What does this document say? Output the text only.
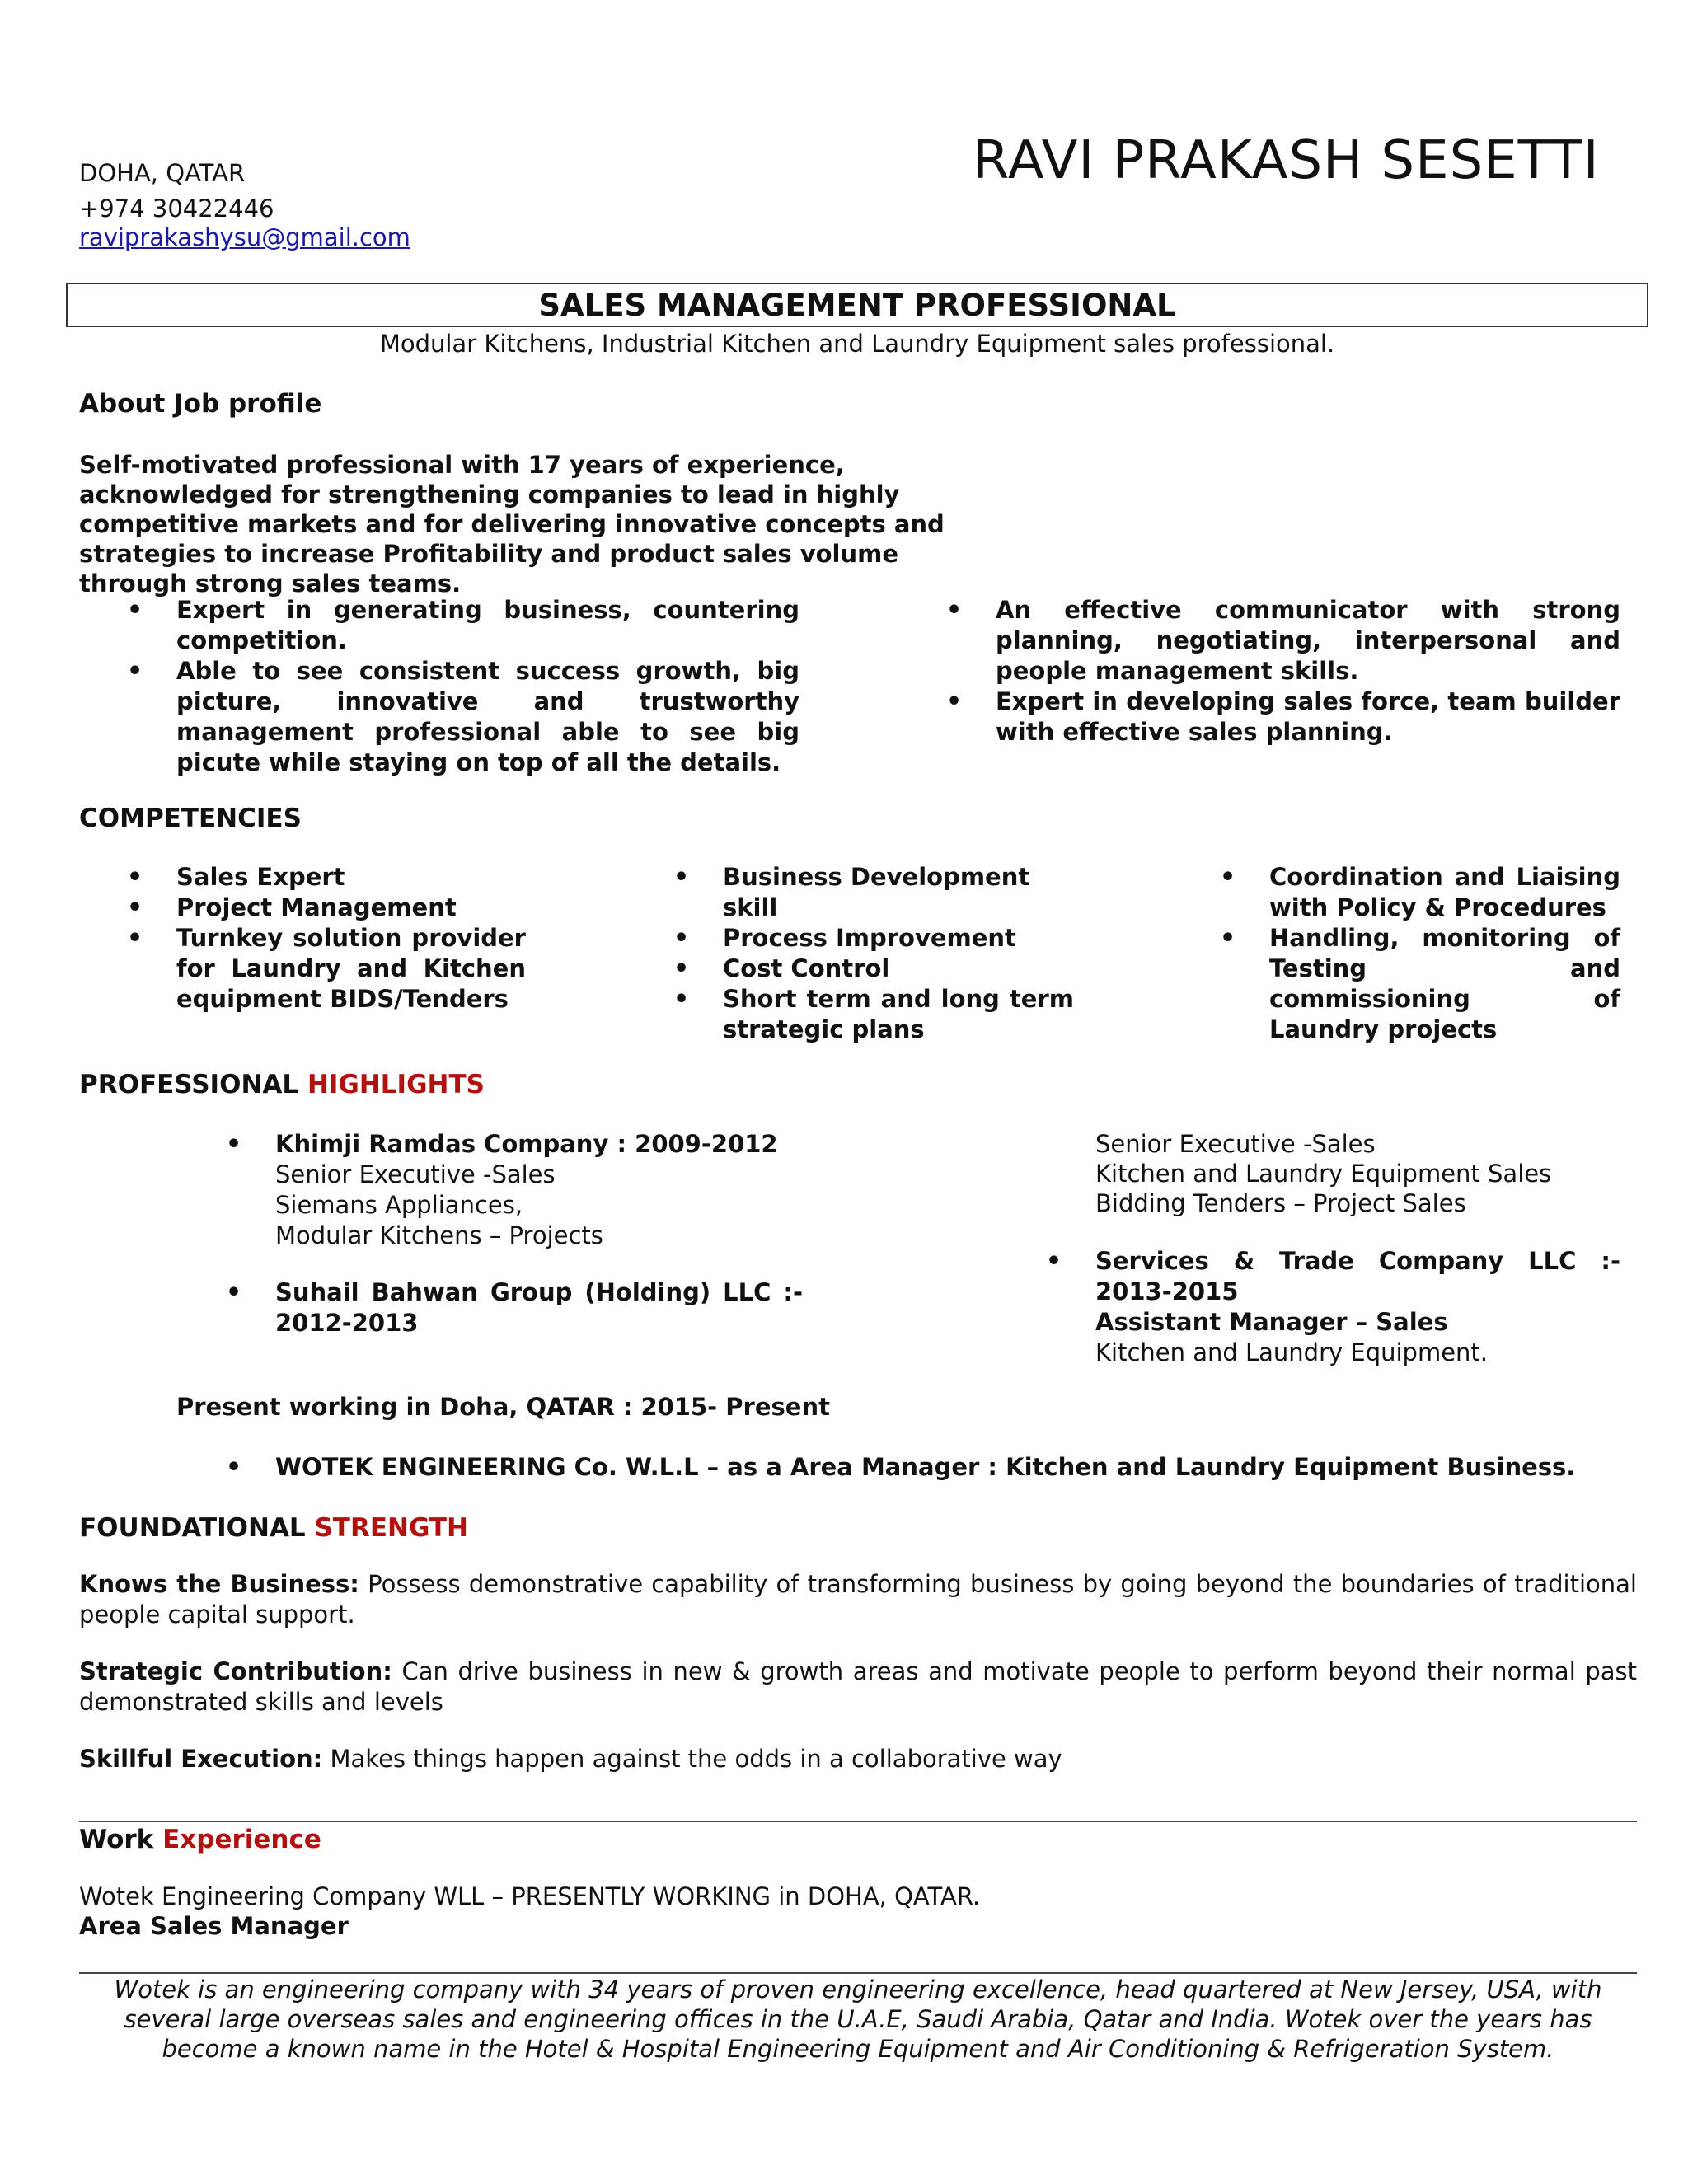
DOHA, QATAR
+974 30422446
raviprakashysu@gmail.com
RAVI PRAKASH SESETTI
SALES MANAGEMENT PROFESSIONAL
Modular Kitchens, Industrial Kitchen and Laundry Equipment sales professional.
About Job profile
Self-motivated professional with 17 years of experience, acknowledged for strengthening companies to lead in highly competitive markets and for delivering innovative concepts and strategies to increase Profitability and product sales volume through strong sales teams.
• Expert in generating business, countering competition.
• Able to see consistent success growth, big picture, innovative and trustworthy management professional able to see big picute while staying on top of all the details.
• An effective communicator with strong planning, negotiating, interpersonal and people management skills.
• Expert in developing sales force, team builder with effective sales planning.
COMPETENCIES
• Sales Expert
• Project Management
• Turnkey solution provider for Laundry and Kitchen equipment BIDS/Tenders
• Business Development skill
• Process Improvement
• Cost Control
• Short term and long term strategic plans
• Coordination and Liaising with Policy & Procedures
• Handling, monitoring of Testing and commissioning of Laundry projects
PROFESSIONAL HIGHLIGHTS
• Khimji Ramdas Company : 2009-2012
Senior Executive -Sales
Siemans Appliances,
Modular Kitchens – Projects
• Suhail Bahwan Group (Holding) LLC :- 2012-2013
Senior Executive -Sales
Kitchen and Laundry Equipment Sales
Bidding Tenders – Project Sales
• Services & Trade Company LLC :- 2013-2015
Assistant Manager – Sales
Kitchen and Laundry Equipment.
Present working in Doha, QATAR : 2015- Present
• WOTEK ENGINEERING Co. W.L.L – as a Area Manager : Kitchen and Laundry Equipment Business.
FOUNDATIONAL STRENGTH
Knows the Business: Possess demonstrative capability of transforming business by going beyond the boundaries of traditional people capital support.
Strategic Contribution: Can drive business in new & growth areas and motivate people to perform beyond their normal past demonstrated skills and levels
Skillful Execution: Makes things happen against the odds in a collaborative way
Work Experience
Wotek Engineering Company WLL – PRESENTLY WORKING in DOHA, QATAR.
Area Sales Manager
Wotek is an engineering company with 34 years of proven engineering excellence, head quartered at New Jersey, USA, with several large overseas sales and engineering offices in the U.A.E, Saudi Arabia, Qatar and India. Wotek over the years has become a known name in the Hotel & Hospital Engineering Equipment and Air Conditioning & Refrigeration System.
